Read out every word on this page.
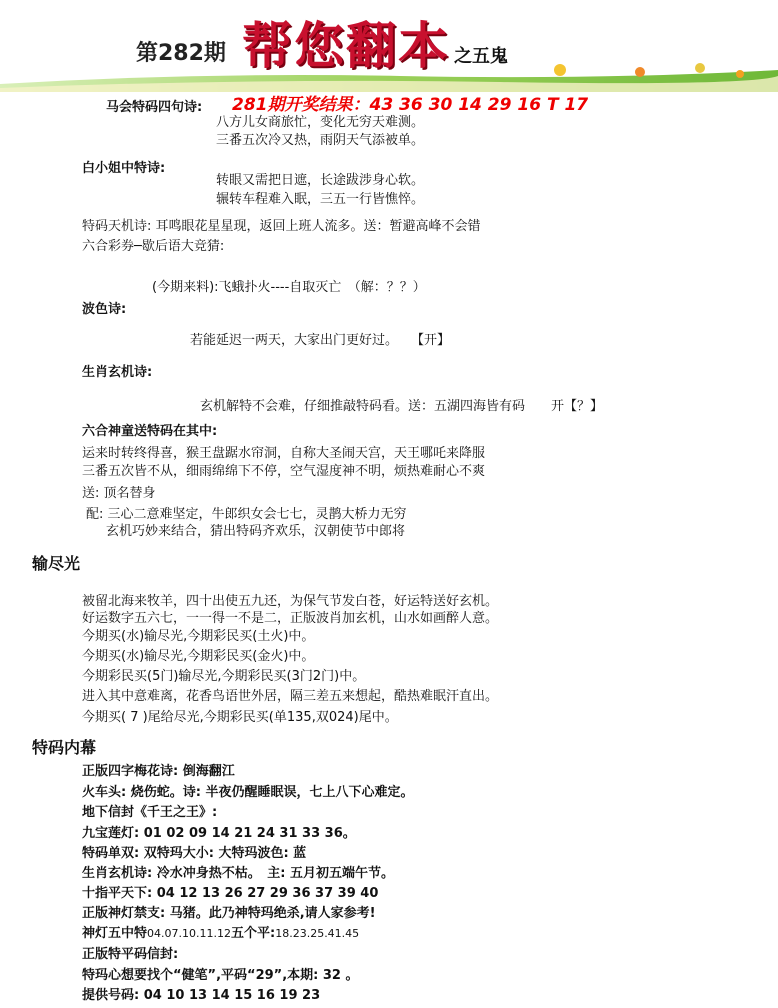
第282期 帮您翻本 之五鬼
281期开奖结果：43 36 30 14 29 16 T 17
马会特码四句诗:
八方儿女商旅忙，变化无穷天难测。
三番五次冷又热，雨阴天气添被单。
白小姐中特诗:
转眼又需把日遮，长途跋涉身心软。
辗转车程难入眠，三五一行皆憔悴。
特码天机诗: 耳鸣眼花星星现，返回上班人流多。送：暂避高峰不会错
六合彩券─歇后语大竞猜:
(今期来料):飞蛾扑火----自取灭亡　（解：？？）
波色诗:
若能延迟一两天，大家出门更好过。　　【开】
生肖玄机诗:
玄机解特不会难，仔细推敲特码看。送：五湖四海皆有码　　开【？】
六合神童送特码在其中:
运来时转终得喜，猴王盘踞水帘洞，自称大圣闹天宫，天王哪吒来降服
三番五次皆不从，细雨绵绵下不停，空气湿度神不明，烦热难耐心不爽
送: 顶名替身
配: 三心二意难坚定，牛郎织女会七七，灵鹊大桥力无穷
玄机巧妙来结合，猜出特码齐欢乐，汉朝使节中郎将
输尽光
被留北海来牧羊，四十出使五九还，为保气节发白苍，好运特送好玄机。
好运数字五六七，一一得一不是二，正版波肖加玄机，山水如画醉人意。
今期买(水)输尽光,今期彩民买(土火)中。
今期买(水)输尽光,今期彩民买(金火)中。
今期彩民买(5门)输尽光,今期彩民买(3门2门)中。
进入其中意难离，花香鸟语世外居，隔三差五来想起，酷热难眠汗直出。
今期买( 7 )尾给尽光,今期彩民买(单135,双024)尾中。
特码内幕
正版四字梅花诗: 倒海翻江
火车头: 烧伤蛇。诗: 半夜仍醒睡眠误，七上八下心难定。
地下信封《千王之王》:
九宝莲灯: 01 02 09 14 21 24 31 33 36。
特码单双: 双特玛大小: 大特玛波色: 蓝
生肖玄机诗: 冷水冲身热不枯。　主: 五月初五端午节。
十指平天下: 04 12 13 26 27 29 36 37 39 40
正版神灯禁支: 马猪。此乃神特玛绝杀,请人家参考!
神灯五中特04.07.10.11.12五个平:18.23.25.41.45
正版特平码信封:
特玛心想要找个“健笔”,平码“29”,本期: 32 。
提供号码: 04 10 13 14 15 16 19 23
